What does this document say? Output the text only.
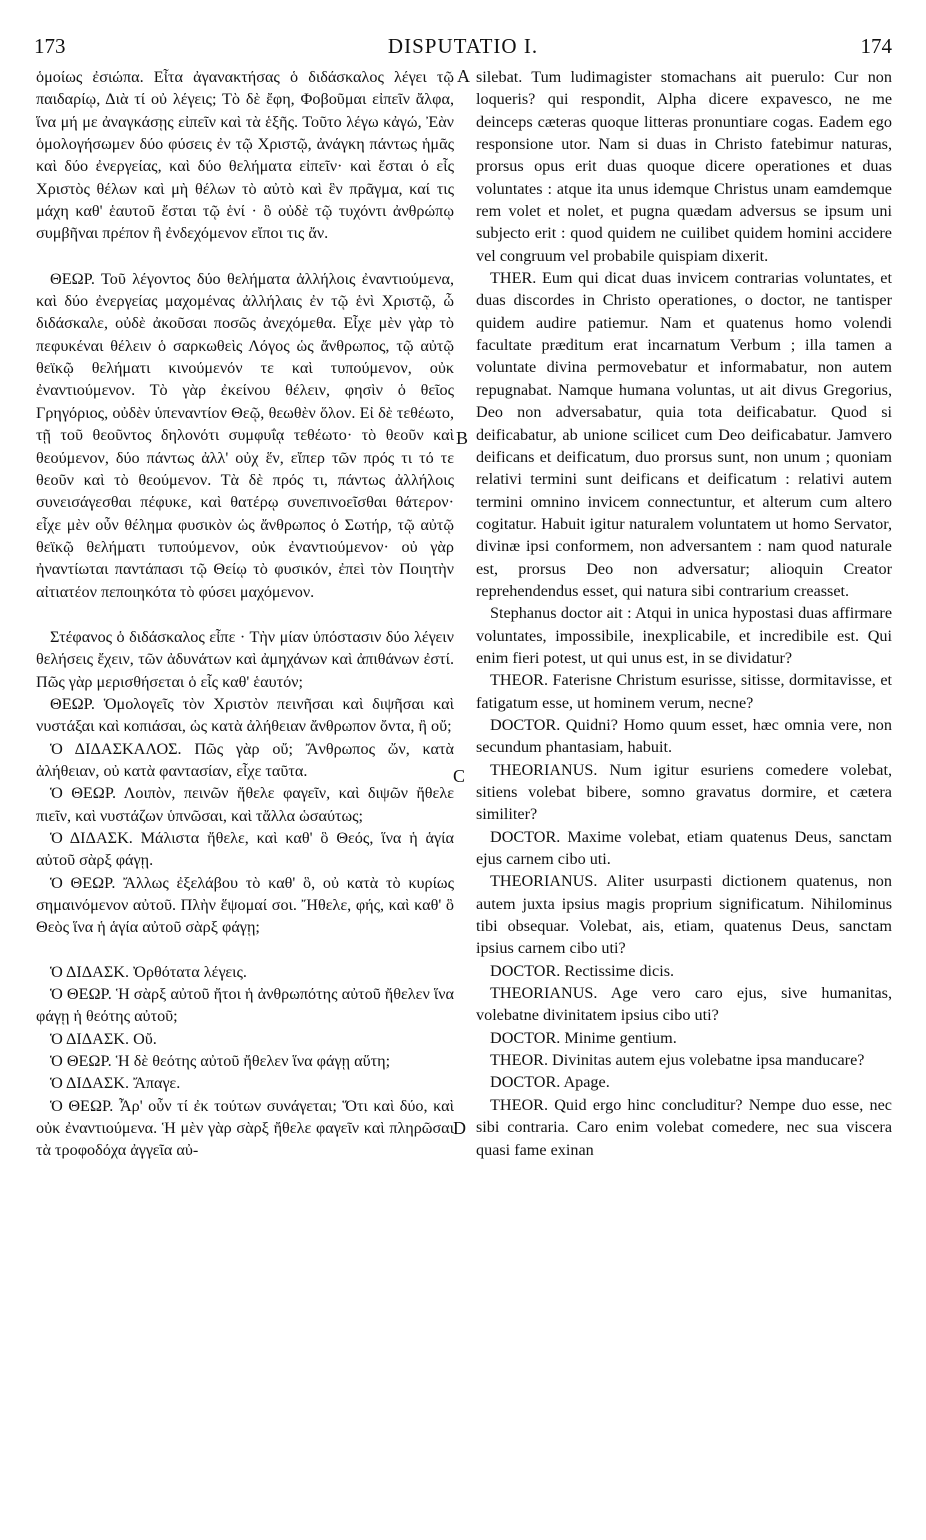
173	DISPUTATIO I.	174

ὁμοίως ἐσιώπα. Εἶτα ἀγανακτήσας ὁ διδάσκαλος λέγει τῷ παιδαρίῳ, Διὰ τί οὐ λέγεις; Τὸ δὲ ἔφη, Φοβοῦμαι εἰπεῖν ἄλφα, ἵνα μή με ἀναγκάσῃς εἰπεῖν καὶ τὰ ἑξῆς. Τοῦτο λέγω κἀγώ, Ἐὰν ὁμολογήσωμεν δύο φύσεις ἐν τῷ Χριστῷ, ἀνάγκη πάντως ἡμᾶς καὶ δύο ἐνεργείας, καὶ δύο θελήματα εἰπεῖν· καὶ ἔσται ὁ εἷς Χριστὸς θέλων καὶ μὴ θέλων τὸ αὐτὸ καὶ ἓν πρᾶγμα, καί τις μάχη καθ' ἑαυτοῦ ἔσται τῷ ἑνί · ὃ οὐδὲ τῷ τυχόντι ἀνθρώπῳ συμβῆναι πρέπον ἢ ἐνδεχόμενον εἴποι τις ἄν.

ΘΕΩΡ. Τοῦ λέγοντος δύο θελήματα ἀλλήλοις ἐναντιούμενα, καὶ δύο ἐνεργείας μαχομένας ἀλλήλαις ἐν τῷ ἑνὶ Χριστῷ, ὦ διδάσκαλε, οὐδὲ ἀκοῦσαι ποσῶς ἀνεχόμεθα. Εἶχε μὲν γὰρ τὸ πεφυκέναι θέλειν ὁ σαρκωθεὶς Λόγος ὡς ἄνθρωπος, τῷ αὐτῷ θεϊκῷ θελήματι κινούμενόν τε καὶ τυπούμενον, οὐκ ἐναντιούμενον. Τὸ γὰρ ἐκείνου θέλειν, φησὶν ὁ θεῖος Γρηγόριος, οὐδὲν ὑπεναντίον Θεῷ, θεωθὲν ὅλον. Εἰ δὲ τεθέωτο, τῇ τοῦ θεοῦντος δηλονότι συμφυΐᾳ τεθέωτο· τὸ θεοῦν καὶ θεούμενον, δύο πάντως ἀλλ' οὐχ ἕν, εἴπερ τῶν πρός τι τό τε θεοῦν καὶ τὸ θεούμενον. Τὰ δὲ πρός τι, πάντως ἀλλήλοις συνεισάγεσθαι πέφυκε, καὶ θατέρῳ συνεπινοεῖσθαι θάτερον· εἶχε μὲν οὖν θέλημα φυσικὸν ὡς ἄνθρωπος ὁ Σωτήρ, τῷ αὐτῷ θεϊκῷ θελήματι τυπούμενον, οὐκ ἐναντιούμενον· οὐ γὰρ ἠναντίωται παντάπασι τῷ Θείῳ τὸ φυσικόν, ἐπεὶ τὸν Ποιητὴν αἰτιατέον πεποιηκότα τὸ φύσει μαχόμενον.

Στέφανος ὁ διδάσκαλος εἶπε · Τὴν μίαν ὑπόστασιν δύο λέγειν θελήσεις ἔχειν, τῶν ἀδυνάτων καὶ ἀμηχάνων καὶ ἀπιθάνων ἐστί. Πῶς γὰρ μερισθήσεται ὁ εἷς καθ' ἑαυτόν;

ΘΕΩΡ. Ὁμολογεῖς τὸν Χριστὸν πεινῆσαι καὶ διψῆσαι καὶ νυστάξαι καὶ κοπιάσαι, ὡς κατὰ ἀλήθειαν ἄνθρωπον ὄντα, ἢ οὔ;

Ὁ ΔΙΔΑΣΚΑΛΟΣ. Πῶς γὰρ οὔ; Ἄνθρωπος ὤν, κατὰ ἀλήθειαν, οὐ κατὰ φαντασίαν, εἶχε ταῦτα.

Ὁ ΘΕΩΡ. Λοιπὸν, πεινῶν ἤθελε φαγεῖν, καὶ διψῶν ἤθελε πιεῖν, καὶ νυστάζων ὑπνῶσαι, καὶ τἄλλα ὡσαύτως;

Ὁ ΔΙΔΑΣΚ. Μάλιστα ἤθελε, καὶ καθ' ὃ Θεός, ἵνα ἡ ἁγία αὐτοῦ σὰρξ φάγῃ.

Ὁ ΘΕΩΡ. Ἄλλως ἐξελάβου τὸ καθ' ὃ, οὐ κατὰ τὸ κυρίως σημαινόμενον αὐτοῦ. Πλὴν ἕψομαί σοι. Ἤθελε, φής, καὶ καθ' ὃ Θεὸς ἵνα ἡ ἁγία αὐτοῦ σὰρξ φάγῃ;

Ὁ ΔΙΔΑΣΚ. Ὀρθότατα λέγεις.

Ὁ ΘΕΩΡ. Ἡ σὰρξ αὐτοῦ ἤτοι ἡ ἀνθρωπότης αὐτοῦ ἤθελεν ἵνα φάγῃ ἡ θεότης αὐτοῦ;

Ὁ ΔΙΔΑΣΚ. Οὔ.

Ὁ ΘΕΩΡ. Ἡ δὲ θεότης αὐτοῦ ἤθελεν ἵνα φάγῃ αὕτη;

Ὁ ΔΙΔΑΣΚ. Ἄπαγε.

Ὁ ΘΕΩΡ. Ἆρ' οὖν τί ἐκ τούτων συνάγεται; Ὅτι καὶ δύο, καὶ οὐκ ἐναντιούμενα. Ἡ μὲν γὰρ σὰρξ ἤθελε φαγεῖν καὶ πληρῶσαι τὰ τροφοδόχα ἀγγεῖα αὐ-

silebat. Tum ludimagister stomachans ait puerulo: Cur non loqueris? qui respondit, Alpha dicere expavesco, ne me deinceps cæteras quoque litteras pronuntiare cogas. Eadem ego responsione utor. Nam si duas in Christo fatebimur naturas, prorsus opus erit duas quoque dicere operationes et duas voluntates : atque ita unus idemque Christus unam eamdemque rem volet et nolet, et pugna quædam adversus se ipsum uni subjecto erit : quod quidem ne cuilibet quidem homini accidere vel congruum vel probabile quispiam dixerit.

THER. Eum qui dicat duas invicem contrarias voluntates, et duas discordes in Christo operationes, o doctor, ne tantisper quidem audire patiemur. Nam et quatenus homo volendi facultate præditum erat incarnatum Verbum ; illa tamen a voluntate divina permovebatur et informabatur, non autem repugnabat. Namque humana voluntas, ut ait divus Gregorius, Deo non adversabatur, quia tota deificabatur. Quod si deificabatur, ab unione scilicet cum Deo deificabatur. Jamvero deificans et deificatum, duo prorsus sunt, non unum ; quoniam relativi termini sunt deificans et deificatum : relativi autem termini omnino invicem connectuntur, et alterum cum altero cogitatur. Habuit igitur naturalem voluntatem ut homo Servator, divinæ ipsi conformem, non adversantem : nam quod naturale est, prorsus Deo non adversatur; alioquin Creator reprehendendus esset, qui natura sibi contrarium creasset.

Stephanus doctor ait : Atqui in unica hypostasi duas affirmare voluntates, impossibile, inexplicabile, et incredibile est. Qui enim fieri potest, ut qui unus est, in se dividatur?

THEOR. Faterisne Christum esurisse, sitisse, dormitavisse, et fatigatum esse, ut hominem verum, necne?

DOCTOR. Quidni? Homo quum esset, hæc omnia vere, non secundum phantasiam, habuit.

THEORIANUS. Num igitur esuriens comedere volebat, sitiens volebat bibere, somno gravatus dormire, et cætera similiter?

DOCTOR. Maxime volebat, etiam quatenus Deus, sanctam ejus carnem cibo uti.

THEORIANUS. Aliter usurpasti dictionem quatenus, non autem juxta ipsius magis proprium significatum. Nihilominus tibi obsequar. Volebat, ais, etiam, quatenus Deus, sanctam ipsius carnem cibo uti?

DOCTOR. Rectissime dicis.

THEORIANUS. Age vero caro ejus, sive humanitas, volebatne divinitatem ipsius cibo uti?

DOCTOR. Minime gentium.

THEOR. Divinitas autem ejus volebatne ipsa manducare?

DOCTOR. Apage.

THEOR. Quid ergo hinc concluditur? Nempe duo esse, nec sibi contraria. Caro enim volebat comedere, nec sua viscera quasi fame exinan

A
B
C
D
